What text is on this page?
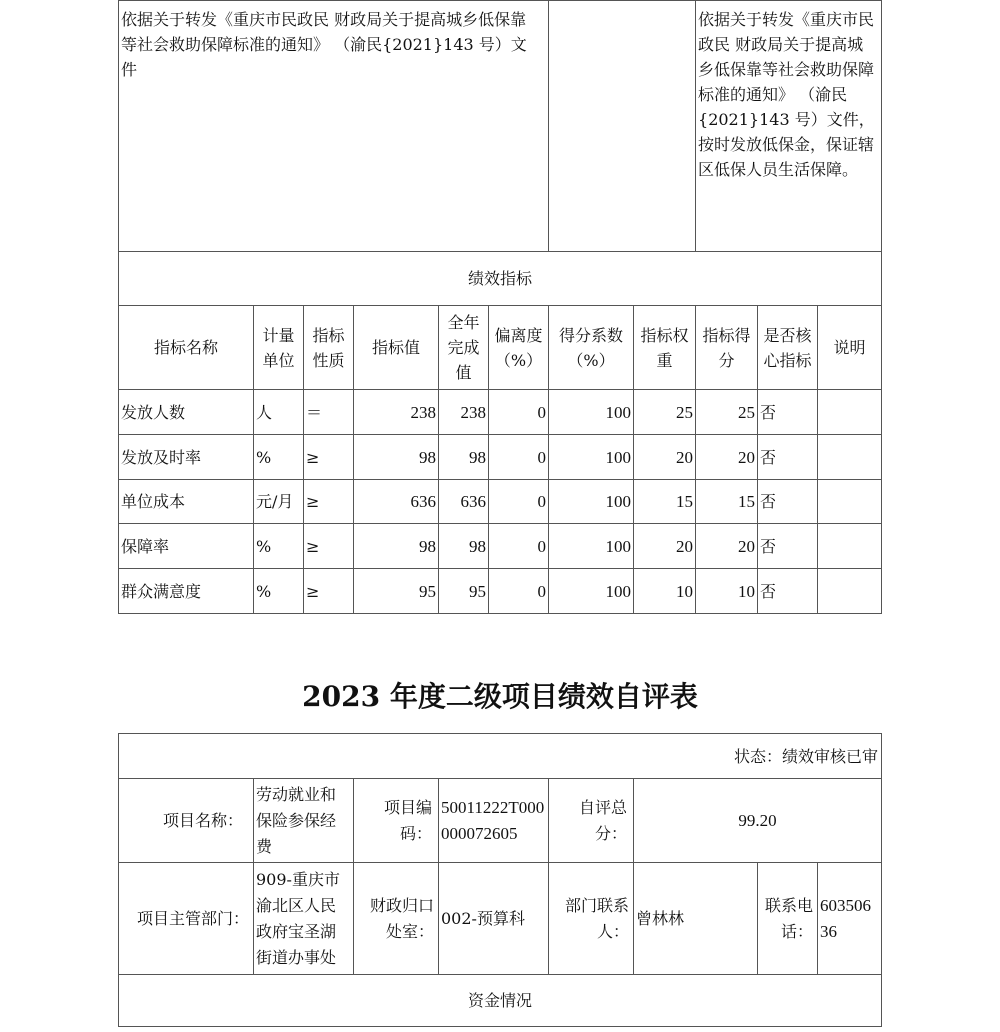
依据关于转发《重庆市民政民 财政局关于提高城乡低保靠等社会救助保障标准的通知》 （渝民{2021}143 号）文件								依据关于转发《重庆市民政民 财政局关于提高城乡低保靠等社会救助保障标准的通知》 （渝民{2021}143 号）文件，按时发放低保金，保证辖区低保人员生活保障。		
绩效指标										
指标名称	计量单位	指标性质	指标值	全年完成值	偏离度（%）	得分系数（%）	指标权重	指标得分	是否核心指标	说明
发放人数	人	＝	238	238	0	100	25	25	否	
发放及时率	%	≥	98	98	0	100	20	20	否	
单位成本	元/月	≥	636	636	0	100	15	15	否	
保障率	%	≥	98	98	0	100	20	20	否	
群众满意度	%	≥	95	95	0	100	10	10	否	
2023 年度二级项目绩效自评表
状态：绩效审核已审							
项目名称：	劳动就业和保险参保经费	项目编码：	50011222T000000072605	自评总分：	99.20		
项目主管部门：	909-重庆市渝北区人民政府宝圣湖街道办事处	财政归口处室：	002-预算科	部门联系人：	曾林林	联系电话：	60350636
资金情况							
